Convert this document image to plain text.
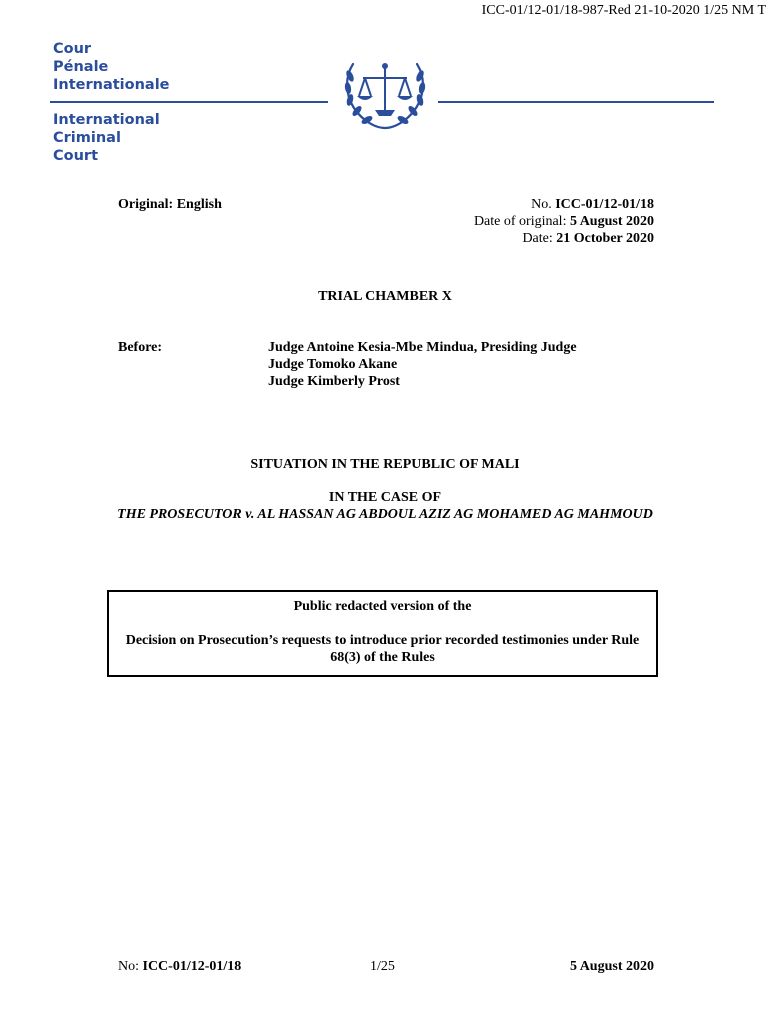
ICC-01/12-01/18-987-Red 21-10-2020 1/25 NM T
Cour
Pénale
Internationale
International
Criminal
Court
Original: English	No. ICC-01/12-01/18
Date of original: 5 August 2020
Date: 21 October 2020
TRIAL CHAMBER X
Before:	Judge Antoine Kesia-Mbe Mindua, Presiding Judge
Judge Tomoko Akane
Judge Kimberly Prost
SITUATION IN THE REPUBLIC OF MALI
IN THE CASE OF
THE PROSECUTOR v. AL HASSAN AG ABDOUL AZIZ AG MOHAMED AG MAHMOUD
Public redacted version of the
Decision on Prosecution’s requests to introduce prior recorded testimonies under Rule 68(3) of the Rules
No: ICC-01/12-01/18	1/25	5 August 2020
